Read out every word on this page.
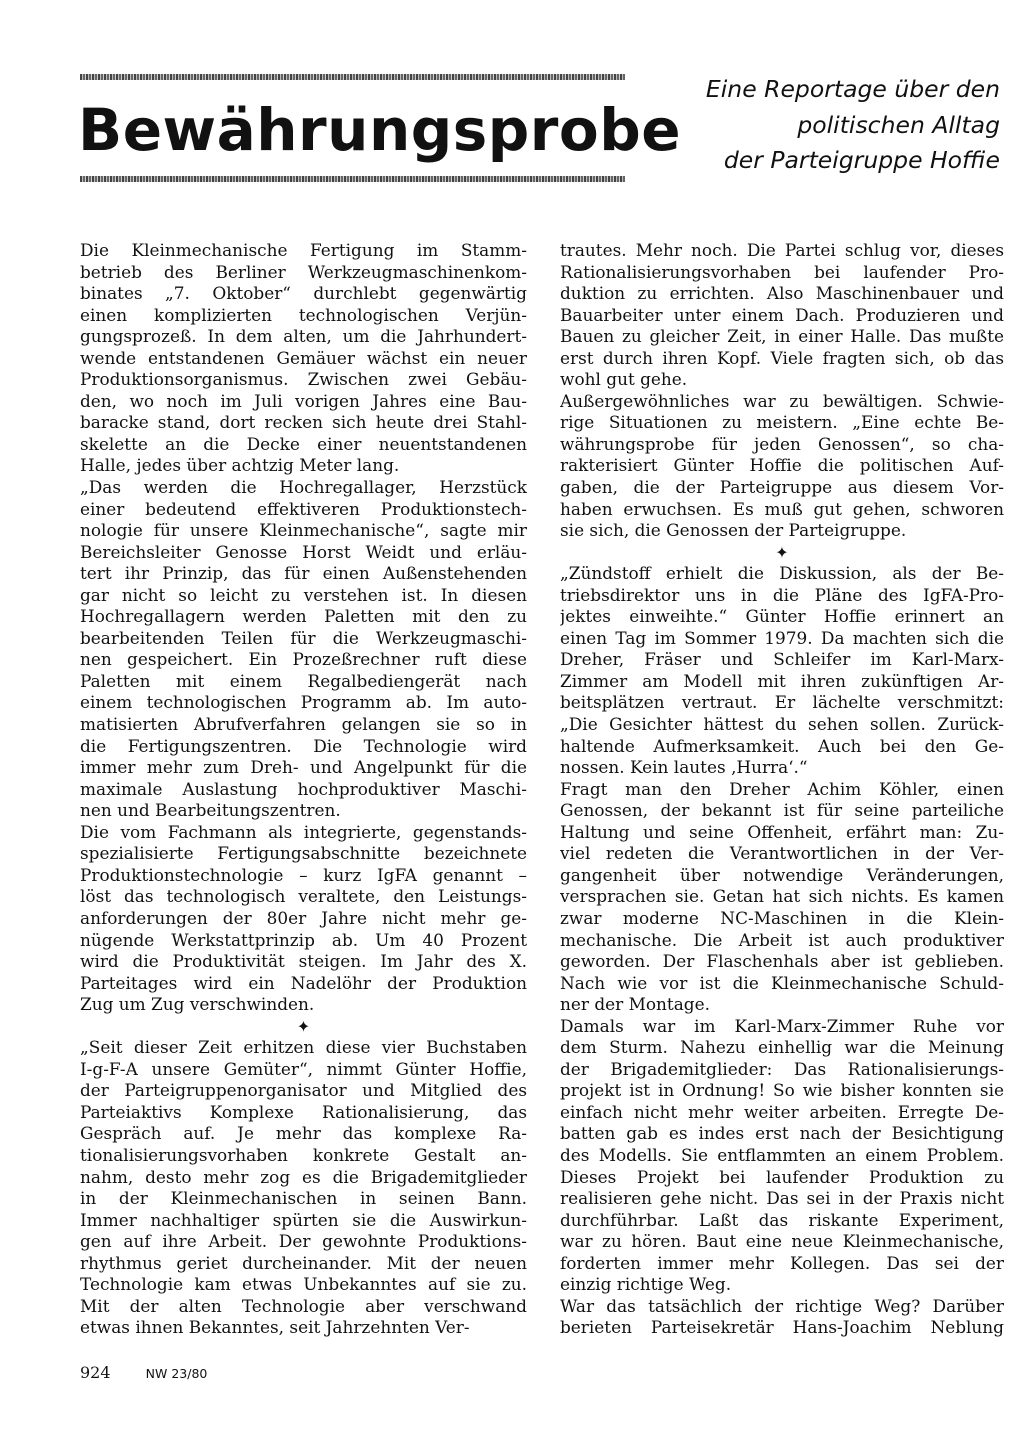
Bewährungsprobe
Eine Reportage über den
politischen Alltag
der Parteigruppe Hoffie
Die Kleinmechanische Fertigung im Stamm-
betrieb des Berliner Werkzeugmaschinenkom-
binates „7. Oktober“ durchlebt gegenwärtig
einen komplizierten technologischen Verjün-
gungsprozeß. In dem alten, um die Jahrhundert-
wende entstandenen Gemäuer wächst ein neuer
Produktionsorganismus. Zwischen zwei Gebäu-
den, wo noch im Juli vorigen Jahres eine Bau-
baracke stand, dort recken sich heute drei Stahl-
skelette an die Decke einer neuentstandenen
Halle, jedes über achtzig Meter lang.
„Das werden die Hochregallager, Herzstück
einer bedeutend effektiveren Produktionstech-
nologie für unsere Kleinmechanische“, sagte mir
Bereichsleiter Genosse Horst Weidt und erläu-
tert ihr Prinzip, das für einen Außenstehenden
gar nicht so leicht zu verstehen ist. In diesen
Hochregallagern werden Paletten mit den zu
bearbeitenden Teilen für die Werkzeugmaschi-
nen gespeichert. Ein Prozeßrechner ruft diese
Paletten mit einem Regalbediengerät nach
einem technologischen Programm ab. Im auto-
matisierten Abrufverfahren gelangen sie so in
die Fertigungszentren. Die Technologie wird
immer mehr zum Dreh- und Angelpunkt für die
maximale Auslastung hochproduktiver Maschi-
nen und Bearbeitungszentren.
Die vom Fachmann als integrierte, gegenstands-
spezialisierte Fertigungsabschnitte bezeichnete
Produktionstechnologie – kurz IgFA genannt –
löst das technologisch veraltete, den Leistungs-
anforderungen der 80er Jahre nicht mehr ge-
nügende Werkstattprinzip ab. Um 40 Prozent
wird die Produktivität steigen. Im Jahr des X.
Parteitages wird ein Nadelöhr der Produktion
Zug um Zug verschwinden.
✦
„Seit dieser Zeit erhitzen diese vier Buchstaben
I-g-F-A unsere Gemüter“, nimmt Günter Hoffie,
der Parteigruppenorganisator und Mitglied des
Parteiaktivs Komplexe Rationalisierung, das
Gespräch auf. Je mehr das komplexe Ra-
tionalisierungsvorhaben konkrete Gestalt an-
nahm, desto mehr zog es die Brigademitglieder
in der Kleinmechanischen in seinen Bann.
Immer nachhaltiger spürten sie die Auswirkun-
gen auf ihre Arbeit. Der gewohnte Produktions-
rhythmus geriet durcheinander. Mit der neuen
Technologie kam etwas Unbekanntes auf sie zu.
Mit der alten Technologie aber verschwand
etwas ihnen Bekanntes, seit Jahrzehnten Ver-
trautes. Mehr noch. Die Partei schlug vor, dieses
Rationalisierungsvorhaben bei laufender Pro-
duktion zu errichten. Also Maschinenbauer und
Bauarbeiter unter einem Dach. Produzieren und
Bauen zu gleicher Zeit, in einer Halle. Das mußte
erst durch ihren Kopf. Viele fragten sich, ob das
wohl gut gehe.
Außergewöhnliches war zu bewältigen. Schwie-
rige Situationen zu meistern. „Eine echte Be-
währungsprobe für jeden Genossen“, so cha-
rakterisiert Günter Hoffie die politischen Auf-
gaben, die der Parteigruppe aus diesem Vor-
haben erwuchsen. Es muß gut gehen, schworen
sie sich, die Genossen der Parteigruppe.
✦
„Zündstoff erhielt die Diskussion, als der Be-
triebsdirektor uns in die Pläne des IgFA-Pro-
jektes einweihte.“ Günter Hoffie erinnert an
einen Tag im Sommer 1979. Da machten sich die
Dreher, Fräser und Schleifer im Karl-Marx-
Zimmer am Modell mit ihren zukünftigen Ar-
beitsplätzen vertraut. Er lächelte verschmitzt:
„Die Gesichter hättest du sehen sollen. Zurück-
haltende Aufmerksamkeit. Auch bei den Ge-
nossen. Kein lautes ‚Hurra‘.“
Fragt man den Dreher Achim Köhler, einen
Genossen, der bekannt ist für seine parteiliche
Haltung und seine Offenheit, erfährt man: Zu-
viel redeten die Verantwortlichen in der Ver-
gangenheit über notwendige Veränderungen,
versprachen sie. Getan hat sich nichts. Es kamen
zwar moderne NC-Maschinen in die Klein-
mechanische. Die Arbeit ist auch produktiver
geworden. Der Flaschenhals aber ist geblieben.
Nach wie vor ist die Kleinmechanische Schuld-
ner der Montage.
Damals war im Karl-Marx-Zimmer Ruhe vor
dem Sturm. Nahezu einhellig war die Meinung
der Brigademitglieder: Das Rationalisierungs-
projekt ist in Ordnung! So wie bisher konnten sie
einfach nicht mehr weiter arbeiten. Erregte De-
batten gab es indes erst nach der Besichtigung
des Modells. Sie entflammten an einem Problem.
Dieses Projekt bei laufender Produktion zu
realisieren gehe nicht. Das sei in der Praxis nicht
durchführbar. Laßt das riskante Experiment,
war zu hören. Baut eine neue Kleinmechanische,
forderten immer mehr Kollegen. Das sei der
einzig richtige Weg.
War das tatsächlich der richtige Weg? Darüber
berieten Parteisekretär Hans-Joachim Neblung
924	NW 23/80
